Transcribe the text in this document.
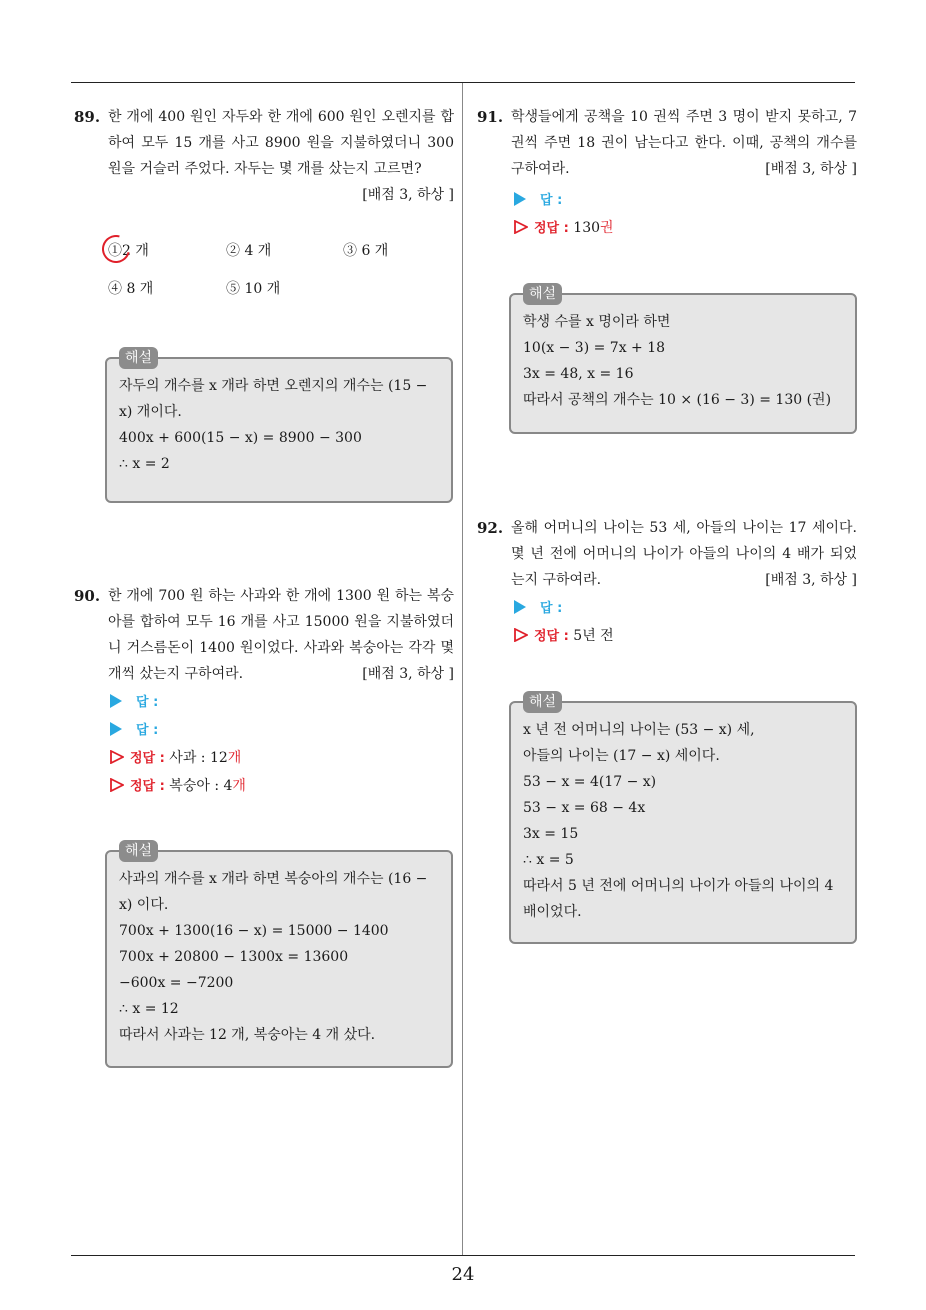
89. 한 개에 400 원인 자두와 한 개에 600 원인 오렌지를 합하여 모두 15 개를 사고 8900 원을 지불하였더니 300 원을 거슬러 주었다. 자두는 몇 개를 샀는지 고르면?
[배점 3, 하상 ]
①2 개	② 4 개	③ 6 개
④ 8 개	⑤ 10 개
해설
자두의 개수를 x 개라 하면 오렌지의 개수는 (15 − x) 개이다.
400x + 600(15 − x) = 8900 − 300
∴ x = 2
90. 한 개에 700 원 하는 사과와 한 개에 1300 원 하는 복숭아를 합하여 모두 16 개를 사고 15000 원을 지불하였더니 거스름돈이 1400 원이었다. 사과와 복숭아는 각각 몇 개씩 샀는지 구하여라.	[배점 3, 하상 ]
답 :
답 :
정답 : 사과 : 12개
정답 : 복숭아 : 4개
해설
사과의 개수를 x 개라 하면 복숭아의 개수는 (16 − x) 이다.
700x + 1300(16 − x) = 15000 − 1400
700x + 20800 − 1300x = 13600
−600x = −7200
∴ x = 12
따라서 사과는 12 개, 복숭아는 4 개 샀다.
91. 학생들에게 공책을 10 권씩 주면 3 명이 받지 못하고, 7 권씩 주면 18 권이 남는다고 한다. 이때, 공책의 개수를 구하여라.	[배점 3, 하상 ]
답 :
정답 : 130권
해설
학생 수를 x 명이라 하면
10(x − 3) = 7x + 18
3x = 48, x = 16
따라서 공책의 개수는 10 × (16 − 3) = 130 (권)
92. 올해 어머니의 나이는 53 세, 아들의 나이는 17 세이다. 몇 년 전에 어머니의 나이가 아들의 나이의 4 배가 되었는지 구하여라.	[배점 3, 하상 ]
답 :
정답 : 5년 전
해설
x 년 전 어머니의 나이는 (53 − x) 세,
아들의 나이는 (17 − x) 세이다.
53 − x = 4(17 − x)
53 − x = 68 − 4x
3x = 15
∴ x = 5
따라서 5 년 전에 어머니의 나이가 아들의 나이의 4 배이었다.
24
